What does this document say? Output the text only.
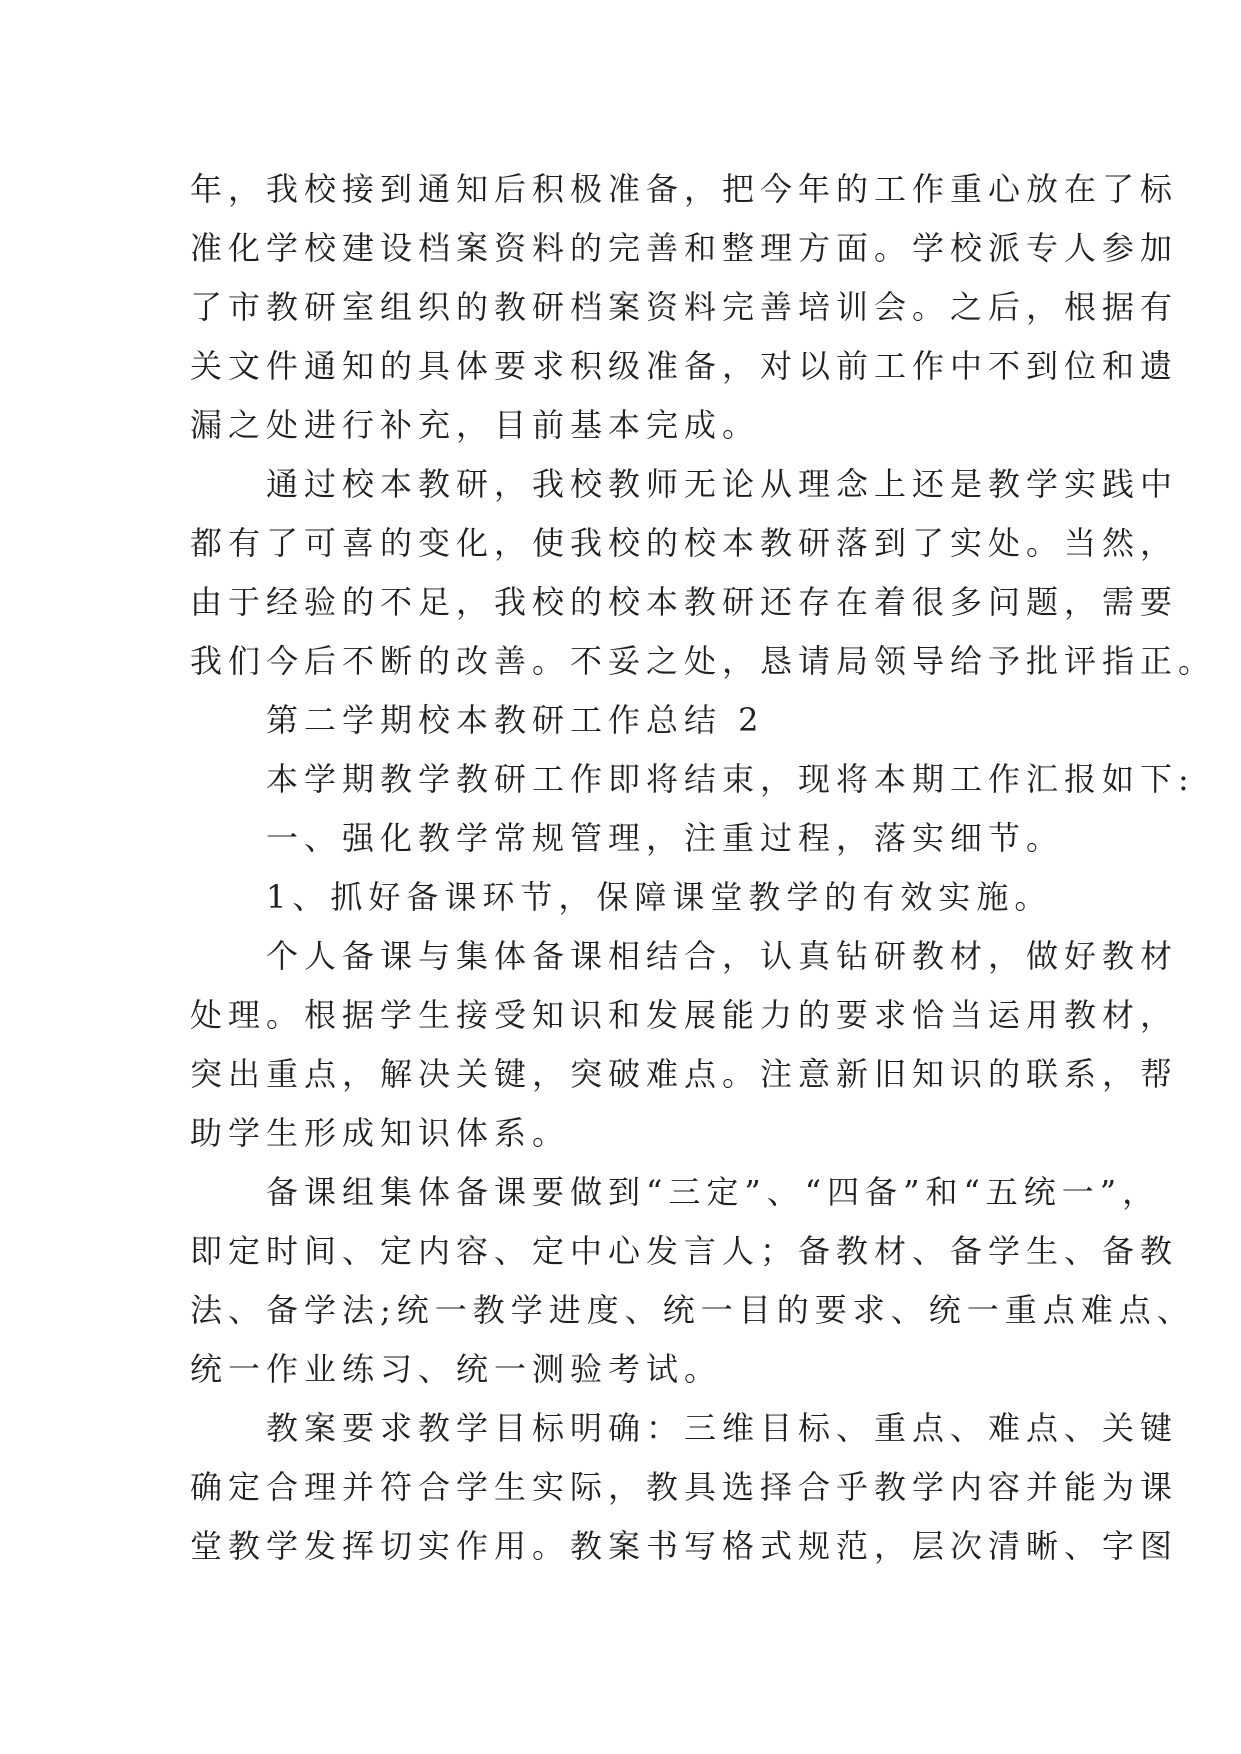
年，我校接到通知后积极准备，把今年的工作重心放在了标
准化学校建设档案资料的完善和整理方面。学校派专人参加
了市教研室组织的教研档案资料完善培训会。之后，根据有
关文件通知的具体要求积级准备，对以前工作中不到位和遗
漏之处进行补充，目前基本完成。
　　通过校本教研，我校教师无论从理念上还是教学实践中
都有了可喜的变化，使我校的校本教研落到了实处。当然，
由于经验的不足，我校的校本教研还存在着很多问题，需要
我们今后不断的改善。不妥之处，恳请局领导给予批评指正。
　　第二学期校本教研工作总结 2
　　本学期教学教研工作即将结束，现将本期工作汇报如下:
　　一、强化教学常规管理，注重过程，落实细节。
　　1、抓好备课环节，保障课堂教学的有效实施。
　　个人备课与集体备课相结合，认真钻研教材，做好教材
处理。根据学生接受知识和发展能力的要求恰当运用教材，
突出重点，解决关键，突破难点。注意新旧知识的联系，帮
助学生形成知识体系。
　　备课组集体备课要做到“三定”、“四备”和“五统一”，
即定时间、定内容、定中心发言人；备教材、备学生、备教
法、备学法;统一教学进度、统一目的要求、统一重点难点、
统一作业练习、统一测验考试。
　　教案要求教学目标明确：三维目标、重点、难点、关键
确定合理并符合学生实际，教具选择合乎教学内容并能为课
堂教学发挥切实作用。教案书写格式规范，层次清晰、字图
